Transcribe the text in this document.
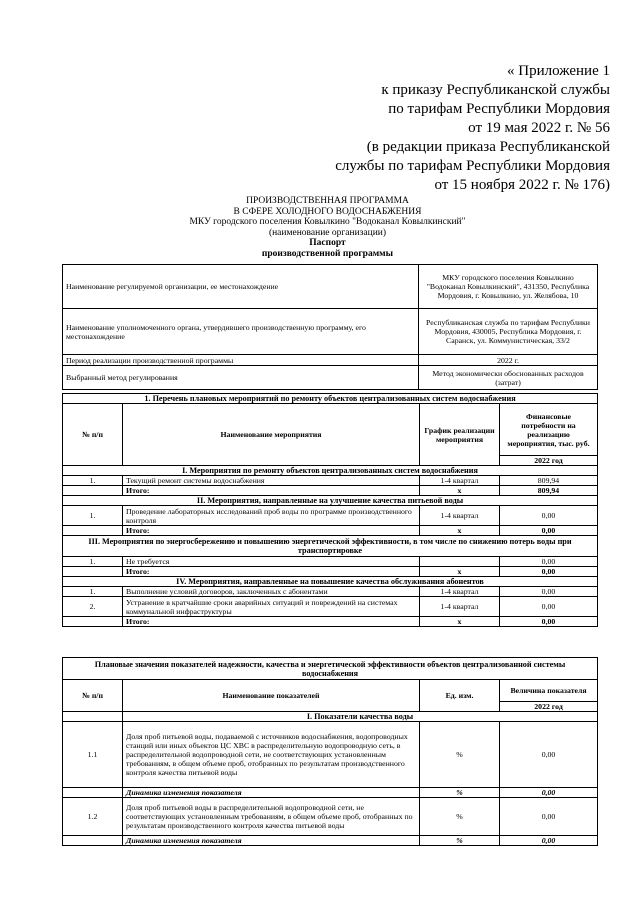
« Приложение 1
к приказу Республиканской службы
по тарифам Республики Мордовия
от 19 мая 2022 г. № 56
(в редакции приказа Республиканской
службы по тарифам Республики Мордовия
от 15 ноября 2022 г. № 176)
ПРОИЗВОДСТВЕННАЯ ПРОГРАММА
В СФЕРЕ ХОЛОДНОГО ВОДОСНАБЖЕНИЯ
МКУ городского поселения Ковылкино "Водоканал Ковылкинский"
(наименование организации)
Паспорт
производственной программы
Наименование регулируемой организации, ее местонахождение	МКУ городского поселения Ковылкино "Водоканал Ковылкинский", 431350, Республика Мордовия, г. Ковылкино, ул. Желябова, 10
Наименование уполномоченного органа, утвердившего производственную программу, его местонахождение	Республиканская служба по тарифам Республики Мордовия, 430005, Республика Мордовия, г. Саранск, ул. Коммунистическая, 33/2
Период реализации производственной программы	2022 г.
Выбранный метод регулирования	Метод экономически обоснованных расходов (затрат)
1. Перечень плановых мероприятий по ремонту объектов централизованных систем водоснабжения			
№ п/п	Наименование мероприятия	График реализации мероприятия	Финансовые потребности на реализацию мероприятия, тыс. руб.
			2022 год
I. Мероприятия по ремонту объектов централизованных систем водоснабжения			
1.	Текущий ремонт системы водоснабжения	1-4 квартал	809,94
	Итого:	х	809,94
II. Мероприятия, направленные на улучшение качества питьевой воды			
1.	Проведение лабораторных исследований проб воды по программе производственного контроля	1-4 квартал	0,00
	Итого:	х	0,00
III. Мероприятия по энергосбережению и повышению энергетической эффективности, в том числе по снижению потерь воды при транспортировке			
1.	Не требуется		0,00
	Итого:	х	0,00
IV. Мероприятия, направленные на повышение качества обслуживания абонентов			
1.	Выполнение условий договоров, заключенных с абонентами	1-4 квартал	0,00
2.	Устранение в кратчайшие сроки аварийных ситуаций и повреждений на системах коммунальной инфраструктуры	1-4 квартал	0,00
	Итого:	х	0,00
Плановые значения показателей надежности, качества и энергетической эффективности объектов централизованной системы водоснабжения			
№ п/п	Наименование показателей	Ед. изм.	Величина показателя
			2022 год
	I. Показатели качества воды		
1.1	Доля проб питьевой воды, подаваемой с источников водоснабжения, водопроводных станций или иных объектов ЦС ХВС в распределительную водопроводную сеть, в распределительной водопроводной сети, не соответствующих установленным требованиям, в общем объеме проб, отобранных по результатам производственного контроля качества питьевой воды	%	0,00
	Динамика изменения показателя	%	0,00
1.2	Доля проб питьевой воды в распределительной водопроводной сети, не соответствующих установленным требованиям, в общем объеме проб, отобранных по результатам производственного контроля качества питьевой воды	%	0,00
	Динамика изменения показателя	%	0,00
